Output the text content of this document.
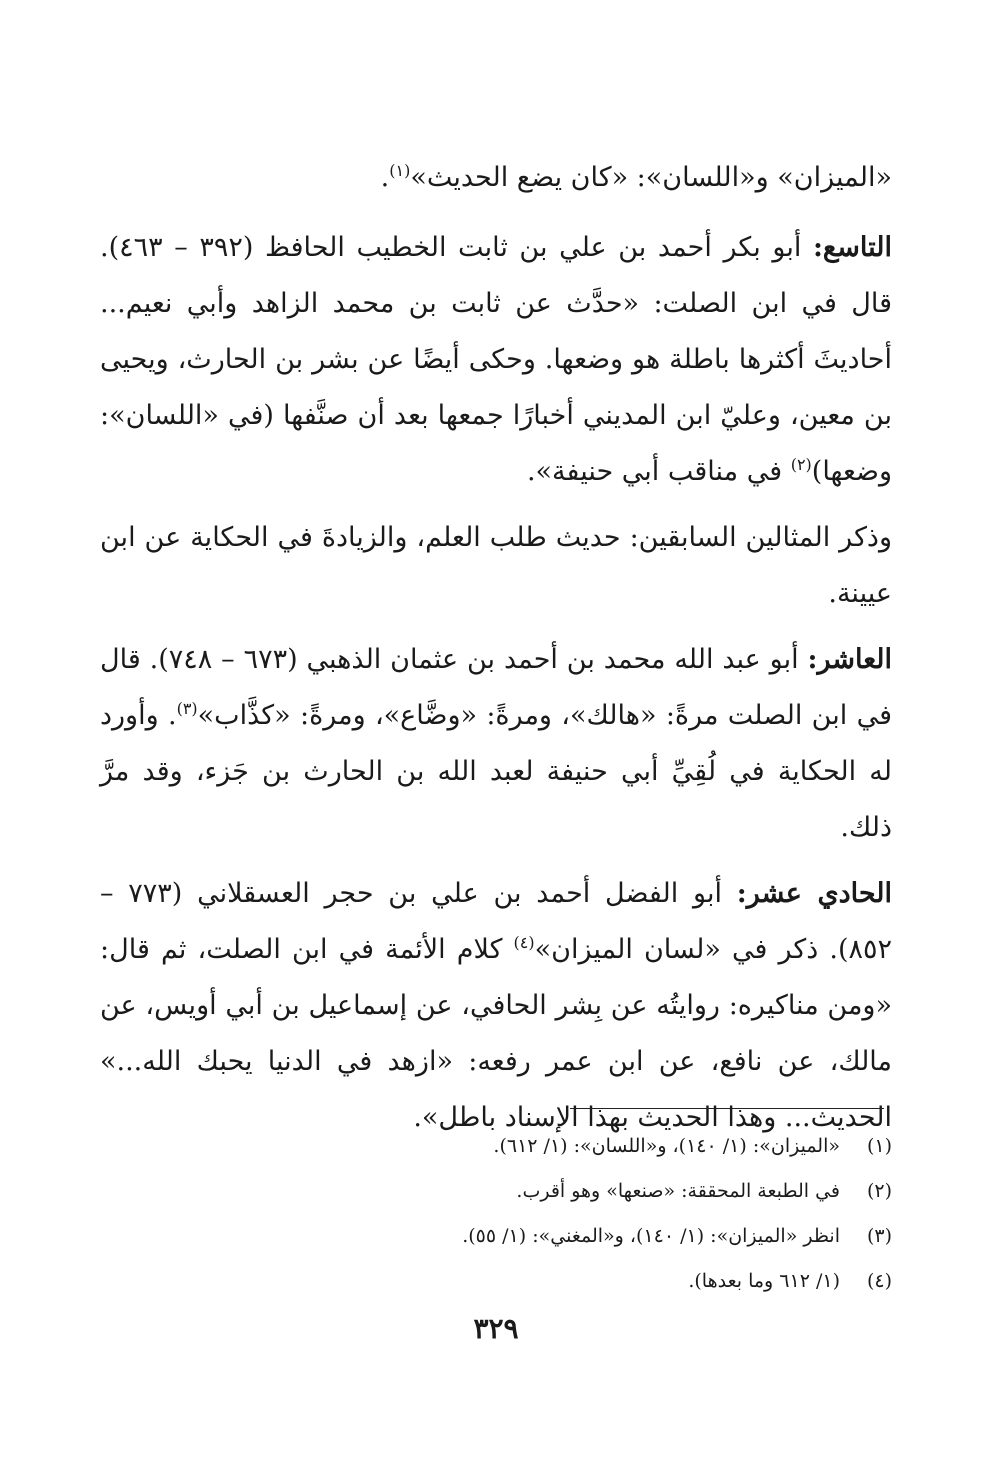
«الميزان» و«اللسان»: «كان يضع الحديث»$^{(١)}$.

التاسع: أبو بكر أحمد بن علي بن ثابت الخطيب الحافظ (٣٩٢ – ٤٦٣). قال في ابن الصلت: «حدَّث عن ثابت بن محمد الزاهد وأبي نعيم... أحاديثَ أكثرها باطلة هو وضعها. وحكى أيضًا عن بشر بن الحارث، ويحيى بن معين، وعليّ ابن المديني أخبارًا جمعها بعد أن صنَّفها (في «اللسان»: وضعها)$^{(٢)}$ في مناقب أبي حنيفة».

وذكر المثالين السابقين: حديث طلب العلم، والزيادةَ في الحكاية عن ابن عيينة.

العاشر: أبو عبد الله محمد بن أحمد بن عثمان الذهبي (٦٧٣ – ٧٤٨). قال في ابن الصلت مرةً: «هالك»، ومرةً: «وضَّاع»، ومرةً: «كذَّاب»$^{(٣)}$. وأورد له الحكاية في لُقِيِّ أبي حنيفة لعبد الله بن الحارث بن جَزء، وقد مرَّ ذلك.

الحادي عشر: أبو الفضل أحمد بن علي بن حجر العسقلاني (٧٧٣ – ٨٥٢). ذكر في «لسان الميزان»$^{(٤)}$ كلام الأئمة في ابن الصلت، ثم قال: «ومن مناكيره: روايتُه عن بِشر الحافي، عن إسماعيل بن أبي أويس، عن مالك، عن نافع، عن ابن عمر رفعه: «ازهد في الدنيا يحبك الله...» الحديث... وهذا الحديث بهذا الإسناد باطل».

(١)
«الميزان»: (١/ ١٤٠)، و«اللسان»: (١/ ٦١٢).
(٢)
في الطبعة المحققة: «صنعها» وهو أقرب.
(٣)
انظر «الميزان»: (١/ ١٤٠)، و«المغني»: (١/ ٥٥).
(٤)
(١/ ٦١٢ وما بعدها).
٣٢٩
